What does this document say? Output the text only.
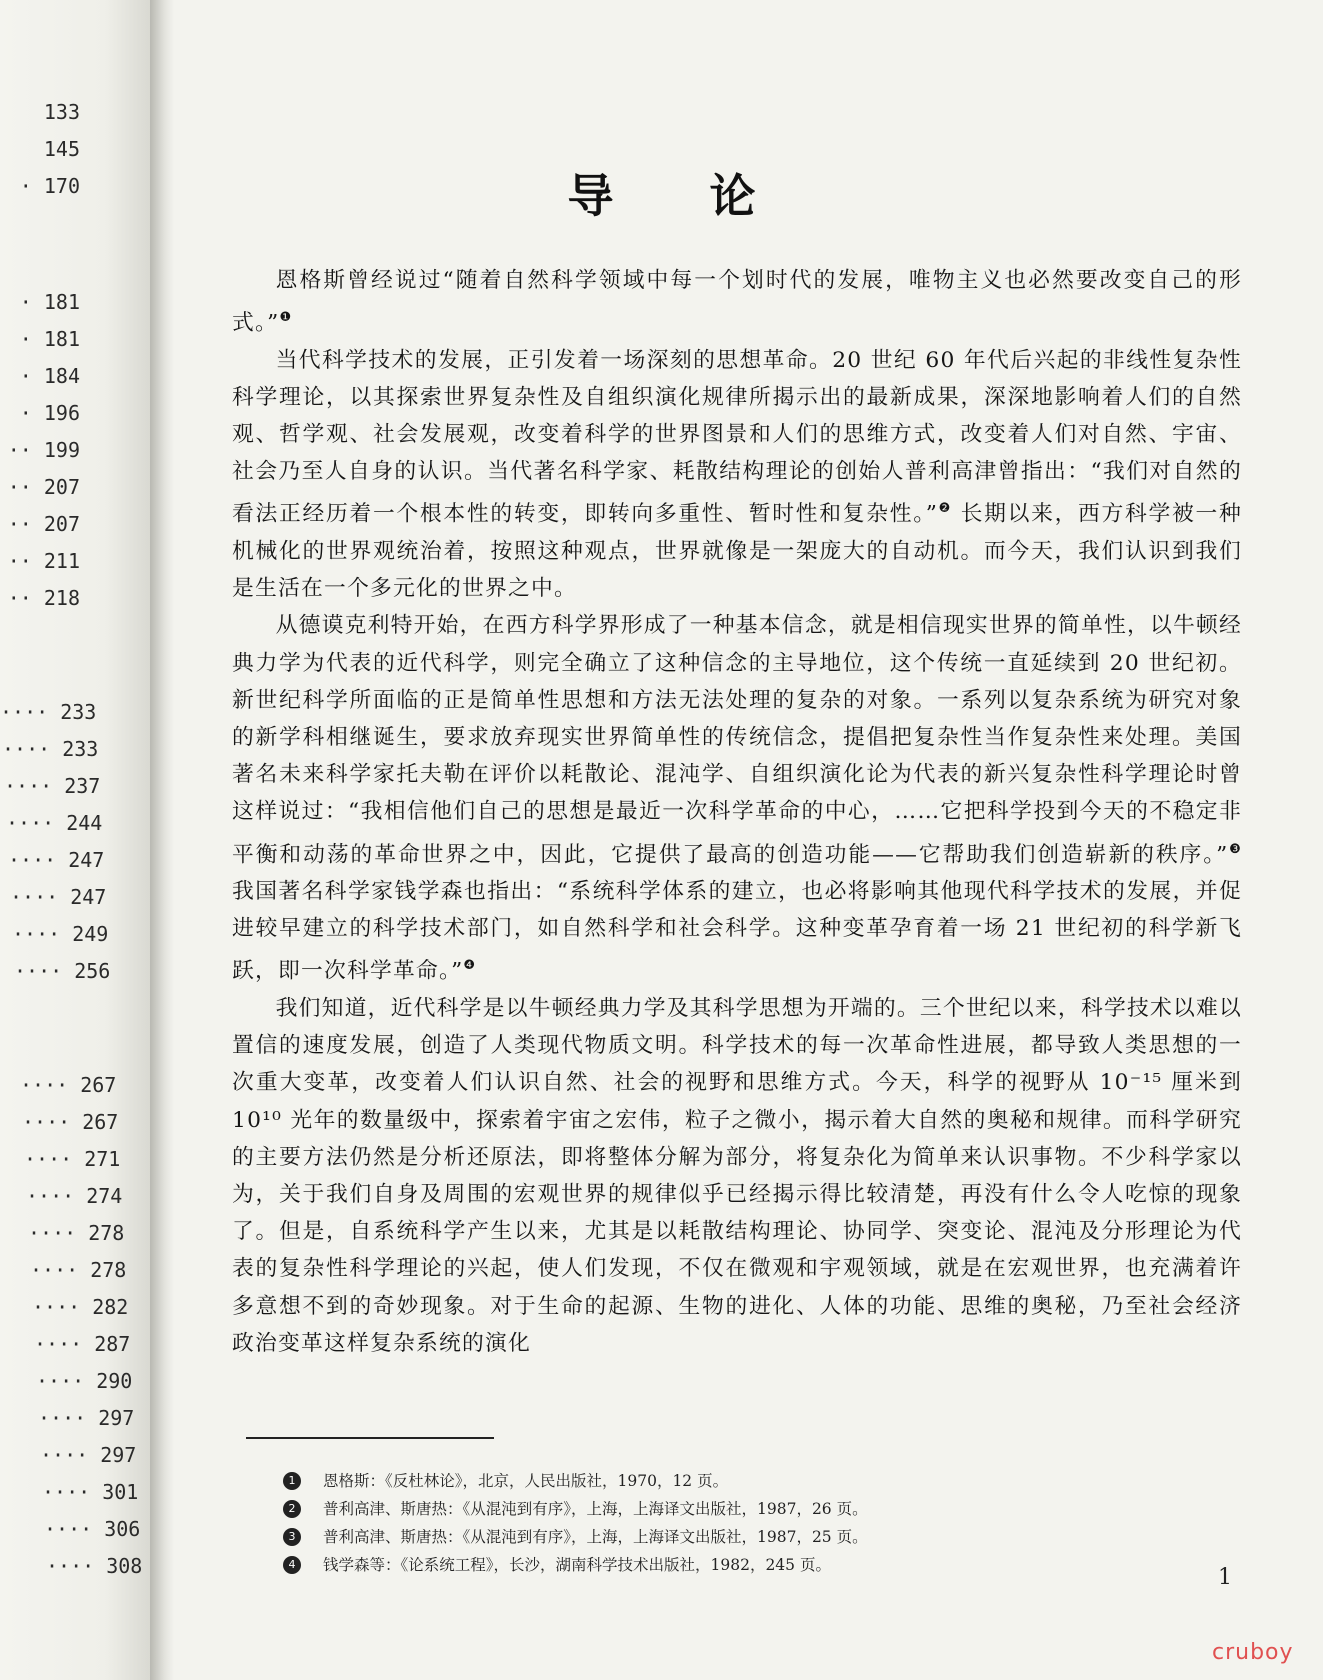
133
145
· 170
· 181
· 181
· 184
· 196
·· 199
·· 207
·· 207
·· 211
·· 218
···· 233
···· 233
···· 237
···· 244
···· 247
···· 247
···· 249
···· 256
···· 267
···· 267
···· 271
···· 274
···· 278
···· 278
···· 282
···· 287
···· 290
···· 297
···· 297
···· 301
···· 306
···· 308
导 论

恩格斯曾经说过“随着自然科学领域中每一个划时代的发展，唯物主义也必然要改变自己的形式。”$^❶$

当代科学技术的发展，正引发着一场深刻的思想革命。20 世纪 60 年代后兴起的非线性复杂性科学理论，以其探索世界复杂性及自组织演化规律所揭示出的最新成果，深深地影响着人们的自然观、哲学观、社会发展观，改变着科学的世界图景和人们的思维方式，改变着人们对自然、宇宙、社会乃至人自身的认识。当代著名科学家、耗散结构理论的创始人普利高津曾指出：“我们对自然的看法正经历着一个根本性的转变，即转向多重性、暂时性和复杂性。”$^❷$ 长期以来，西方科学被一种机械化的世界观统治着，按照这种观点，世界就像是一架庞大的自动机。而今天，我们认识到我们是生活在一个多元化的世界之中。

从德谟克利特开始，在西方科学界形成了一种基本信念，就是相信现实世界的简单性，以牛顿经典力学为代表的近代科学，则完全确立了这种信念的主导地位，这个传统一直延续到 20 世纪初。新世纪科学所面临的正是简单性思想和方法无法处理的复杂的对象。一系列以复杂系统为研究对象的新学科相继诞生，要求放弃现实世界简单性的传统信念，提倡把复杂性当作复杂性来处理。美国著名未来科学家托夫勒在评价以耗散论、混沌学、自组织演化论为代表的新兴复杂性科学理论时曾这样说过：“我相信他们自己的思想是最近一次科学革命的中心，……它把科学投到今天的不稳定非平衡和动荡的革命世界之中，因此，它提供了最高的创造功能——它帮助我们创造崭新的秩序。”$^❸$ 我国著名科学家钱学森也指出：“系统科学体系的建立，也必将影响其他现代科学技术的发展，并促进较早建立的科学技术部门，如自然科学和社会科学。这种变革孕育着一场 21 世纪初的科学新飞跃，即一次科学革命。”$^❹$

我们知道，近代科学是以牛顿经典力学及其科学思想为开端的。三个世纪以来，科学技术以难以置信的速度发展，创造了人类现代物质文明。科学技术的每一次革命性进展，都导致人类思想的一次重大变革，改变着人们认识自然、社会的视野和思维方式。今天，科学的视野从 10⁻¹⁵ 厘米到 10¹⁰ 光年的数量级中，探索着宇宙之宏伟，粒子之微小，揭示着大自然的奥秘和规律。而科学研究的主要方法仍然是分析还原法，即将整体分解为部分，将复杂化为简单来认识事物。不少科学家以为，关于我们自身及周围的宏观世界的规律似乎已经揭示得比较清楚，再没有什么令人吃惊的现象了。但是，自系统科学产生以来，尤其是以耗散结构理论、协同学、突变论、混沌及分形理论为代表的复杂性科学理论的兴起，使人们发现，不仅在微观和宇观领域，就是在宏观世界，也充满着许多意想不到的奇妙现象。对于生命的起源、生物的进化、人体的功能、思维的奥秘，乃至社会经济政治变革这样复杂系统的演化

1	恩格斯：《反杜林论》，北京，人民出版社，1970，12 页。
2	普利高津、斯唐热：《从混沌到有序》，上海，上海译文出版社，1987，26 页。
3	普利高津、斯唐热：《从混沌到有序》，上海，上海译文出版社，1987，25 页。
4	钱学森等：《论系统工程》，长沙，湖南科学技术出版社，1982，245 页。	1
cruboy
